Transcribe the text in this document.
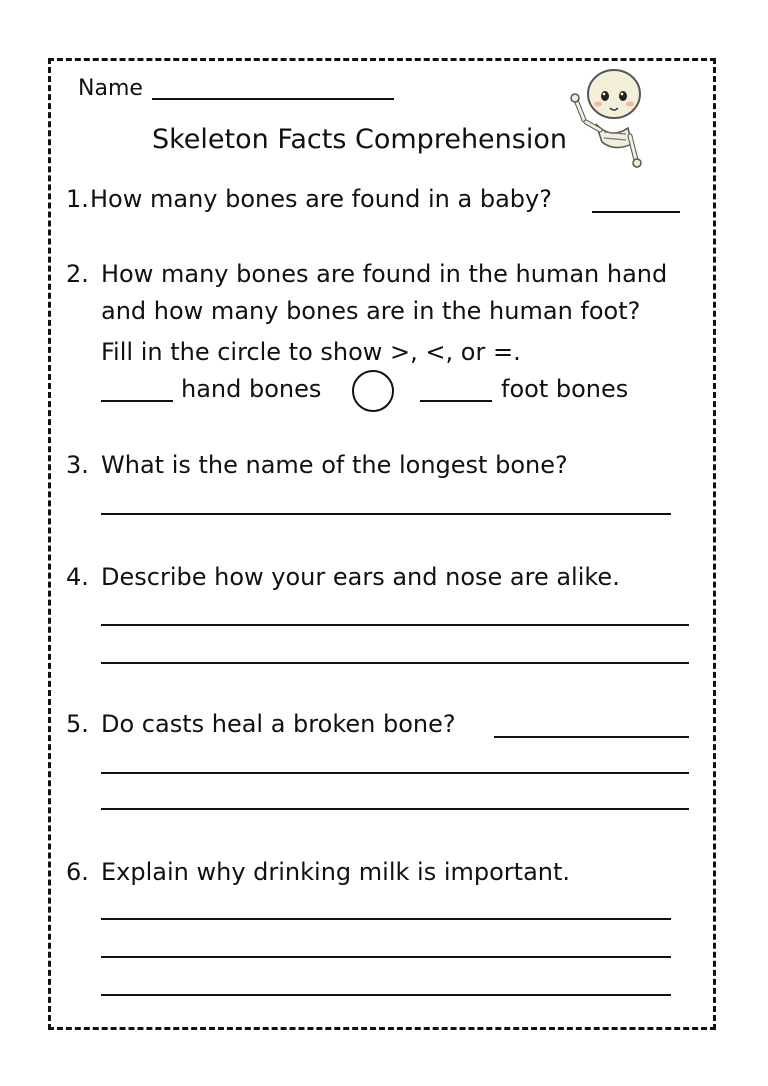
Name
Skeleton Facts Comprehension
1. How many bones are found in a baby?
2. How many bones are found in the human hand
and how many bones are in the human foot?
Fill in the circle to show >, <, or =.
hand bones	foot bones
3. What is the name of the longest bone?
4. Describe how your ears and nose are alike.
5. Do casts heal a broken bone?
6. Explain why drinking milk is important.
